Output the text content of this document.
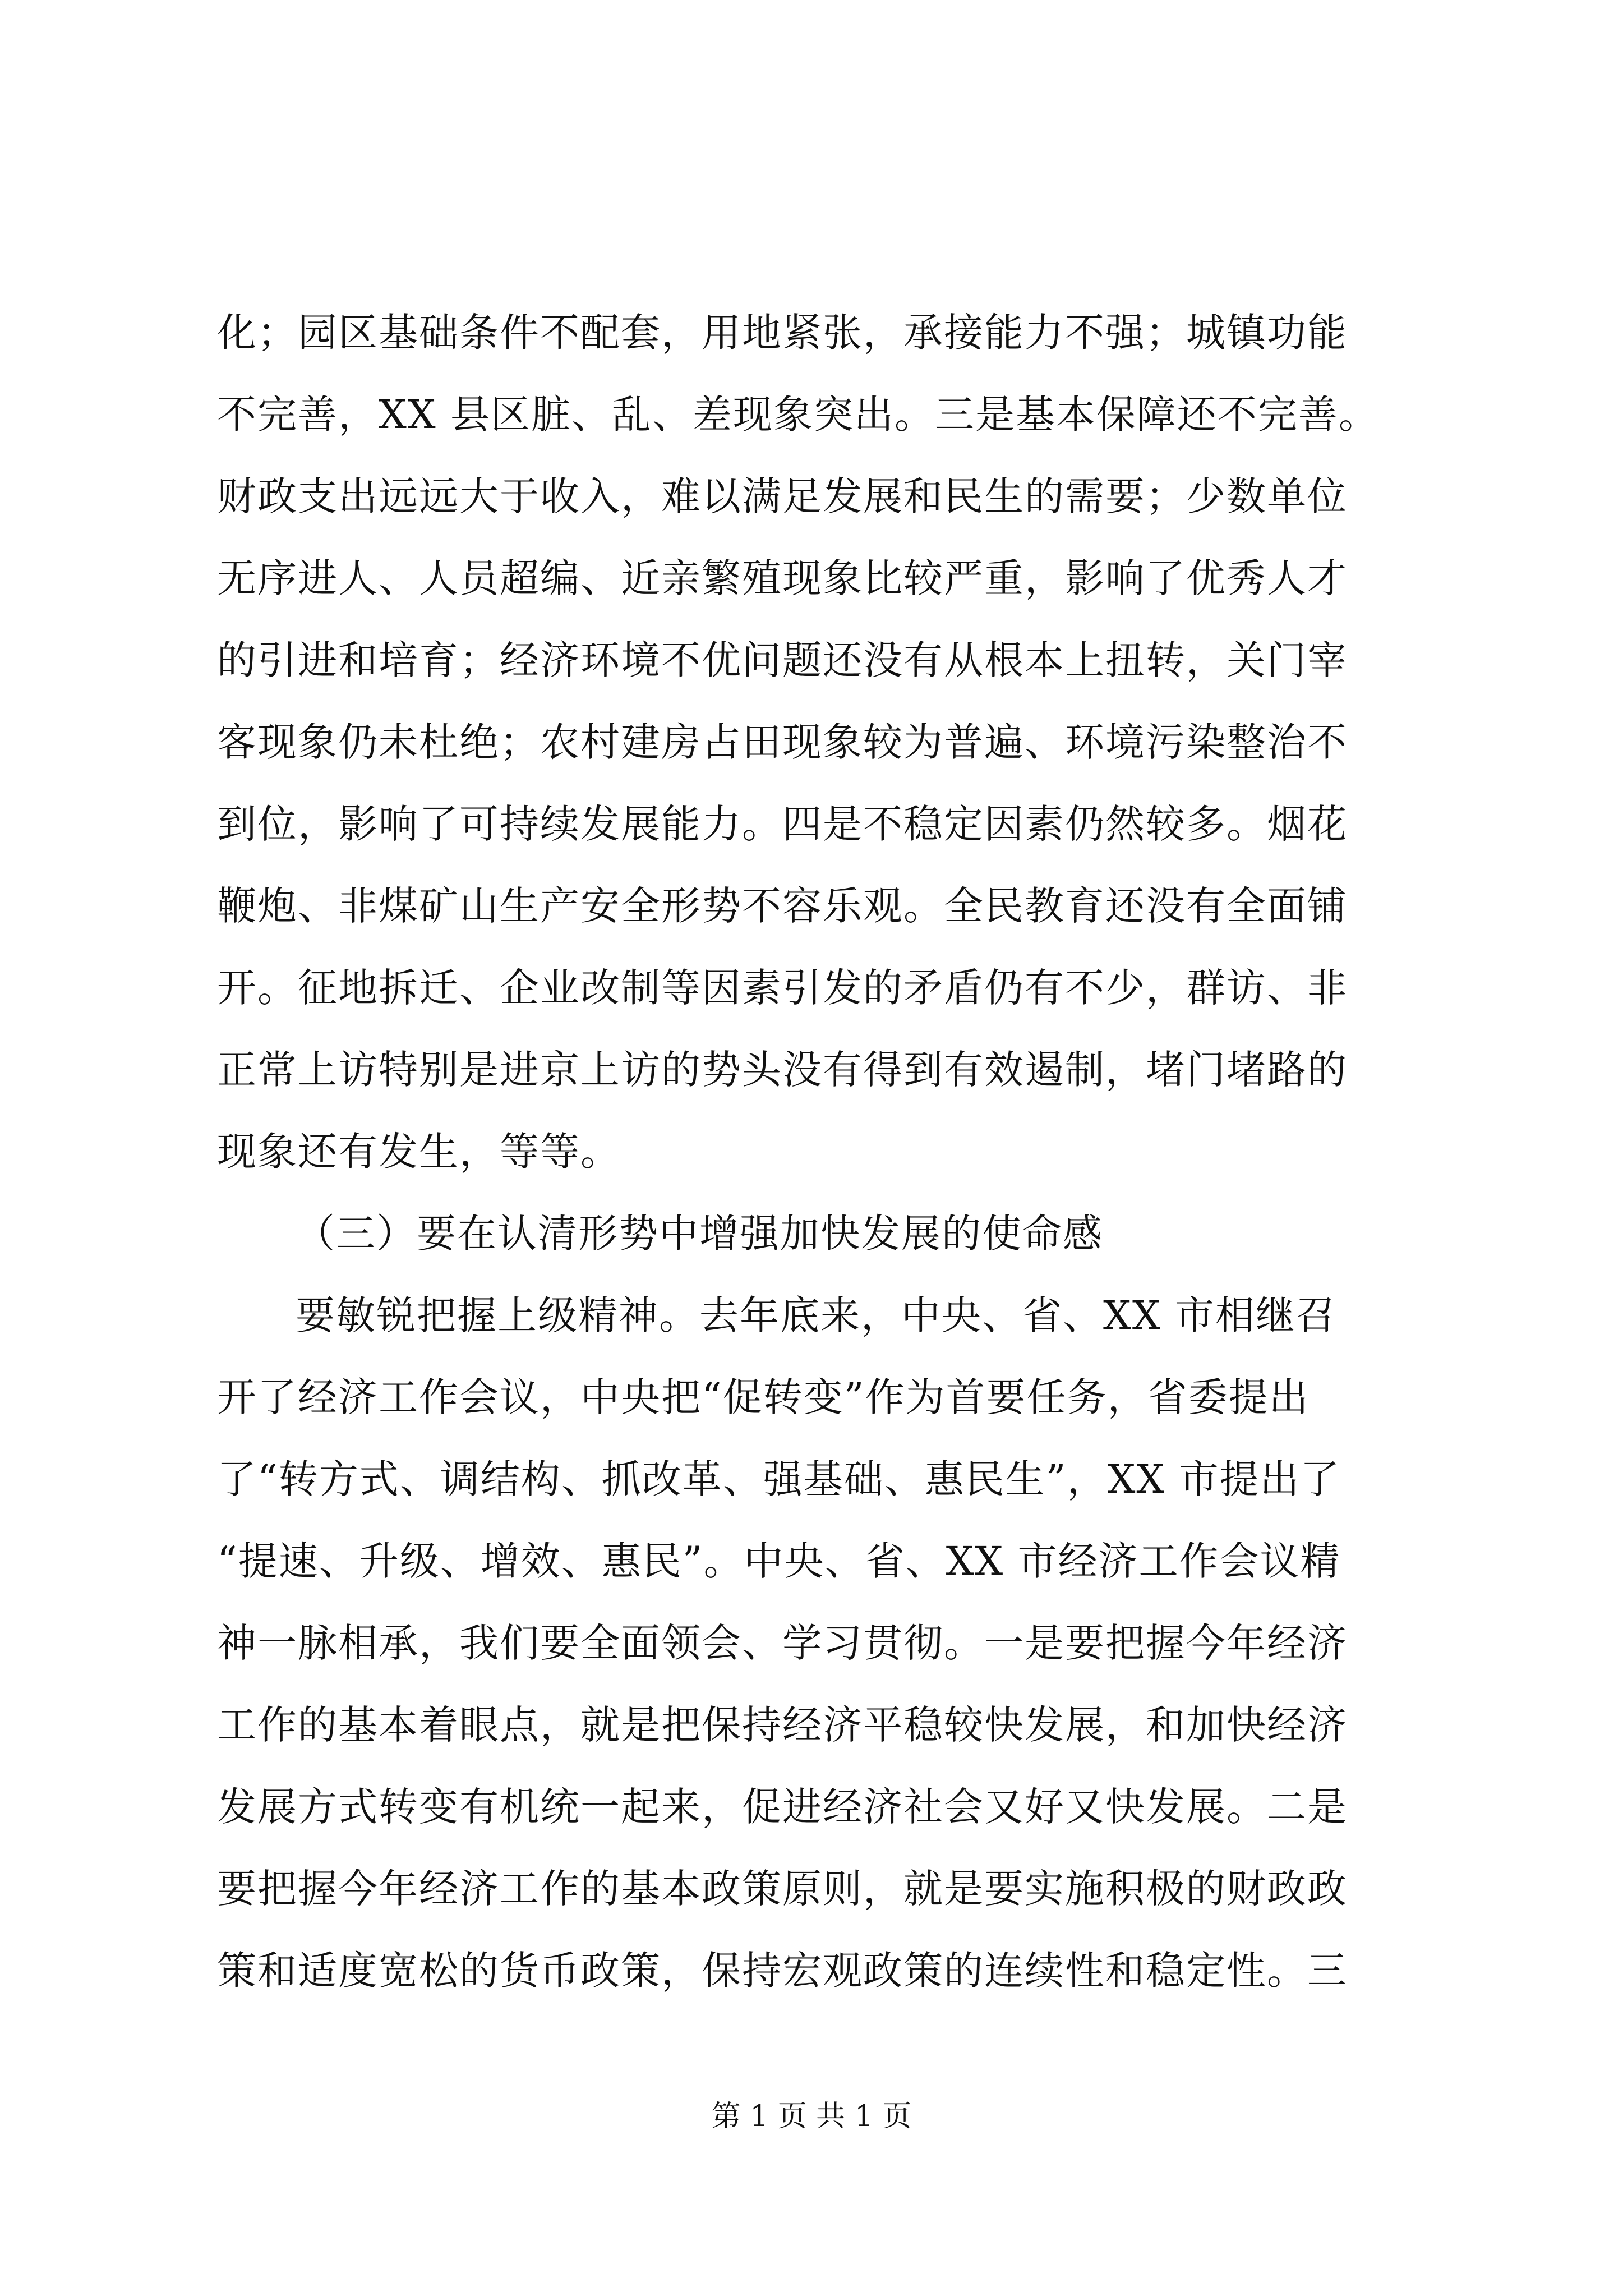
化；园区基础条件不配套，用地紧张，承接能力不强；城镇功能
不完善，XX 县区脏、乱、差现象突出。三是基本保障还不完善。
财政支出远远大于收入，难以满足发展和民生的需要；少数单位
无序进人、人员超编、近亲繁殖现象比较严重，影响了优秀人才
的引进和培育；经济环境不优问题还没有从根本上扭转，关门宰
客现象仍未杜绝；农村建房占田现象较为普遍、环境污染整治不
到位，影响了可持续发展能力。四是不稳定因素仍然较多。烟花
鞭炮、非煤矿山生产安全形势不容乐观。全民教育还没有全面铺
开。征地拆迁、企业改制等因素引发的矛盾仍有不少，群访、非
正常上访特别是进京上访的势头没有得到有效遏制，堵门堵路的
现象还有发生，等等。
（三）要在认清形势中增强加快发展的使命感
要敏锐把握上级精神。去年底来，中央、省、XX 市相继召
开了经济工作会议，中央把“促转变”作为首要任务，省委提出
了“转方式、调结构、抓改革、强基础、惠民生”，XX 市提出了
“提速、升级、增效、惠民”。中央、省、XX 市经济工作会议精
神一脉相承，我们要全面领会、学习贯彻。一是要把握今年经济
工作的基本着眼点，就是把保持经济平稳较快发展，和加快经济
发展方式转变有机统一起来，促进经济社会又好又快发展。二是
要把握今年经济工作的基本政策原则，就是要实施积极的财政政
策和适度宽松的货币政策，保持宏观政策的连续性和稳定性。三
第 1 页 共 1 页
